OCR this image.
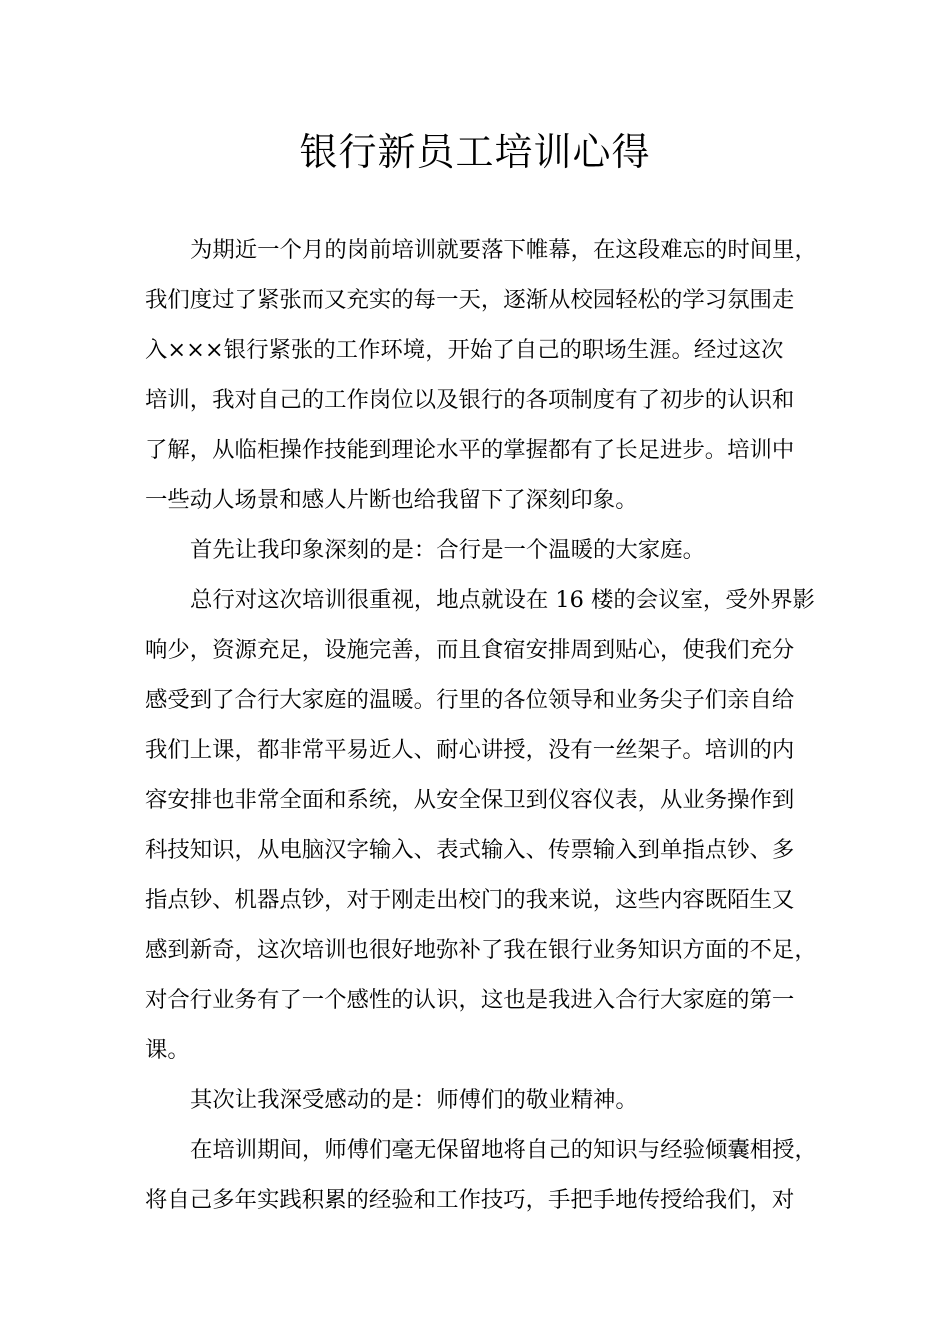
银行新员工培训心得
为期近一个月的岗前培训就要落下帷幕，在这段难忘的时间里，
我们度过了紧张而又充实的每一天，逐渐从校园轻松的学习氛围走
入×××银行紧张的工作环境，开始了自己的职场生涯。经过这次
培训，我对自己的工作岗位以及银行的各项制度有了初步的认识和
了解，从临柜操作技能到理论水平的掌握都有了长足进步。培训中
一些动人场景和感人片断也给我留下了深刻印象。
首先让我印象深刻的是：合行是一个温暖的大家庭。
总行对这次培训很重视，地点就设在 16 楼的会议室，受外界影
响少，资源充足，设施完善，而且食宿安排周到贴心，使我们充分
感受到了合行大家庭的温暖。行里的各位领导和业务尖子们亲自给
我们上课，都非常平易近人、耐心讲授，没有一丝架子。培训的内
容安排也非常全面和系统，从安全保卫到仪容仪表，从业务操作到
科技知识，从电脑汉字输入、表式输入、传票输入到单指点钞、多
指点钞、机器点钞，对于刚走出校门的我来说，这些内容既陌生又
感到新奇，这次培训也很好地弥补了我在银行业务知识方面的不足，
对合行业务有了一个感性的认识，这也是我进入合行大家庭的第一
课。
其次让我深受感动的是：师傅们的敬业精神。
在培训期间，师傅们毫无保留地将自己的知识与经验倾囊相授，
将自己多年实践积累的经验和工作技巧，手把手地传授给我们，对
